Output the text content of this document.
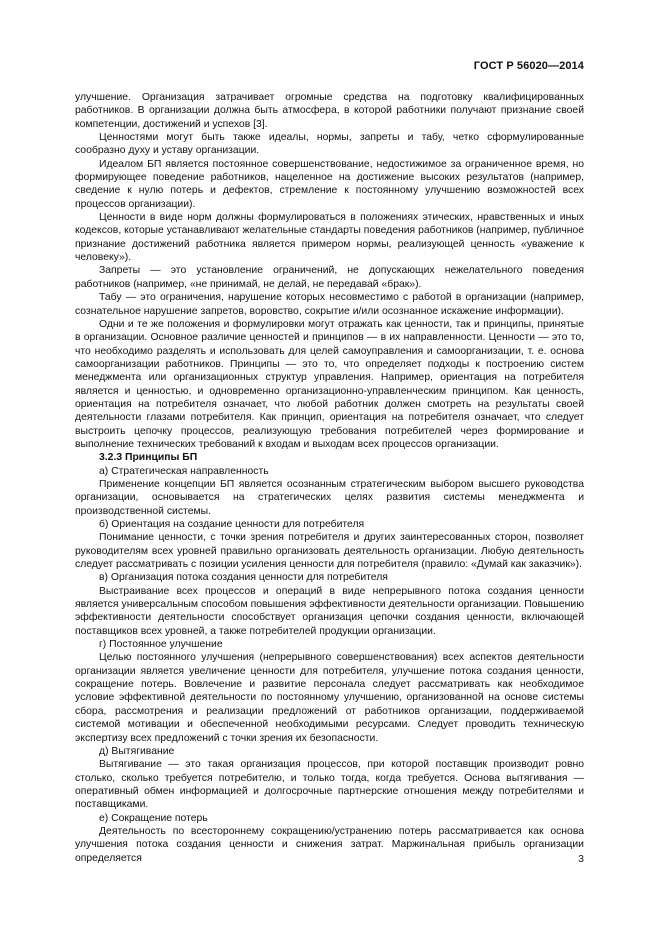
ГОСТ Р 56020—2014

улучшение. Организация затрачивает огромные средства на подготовку квалифицированных работников. В организации должна быть атмосфера, в которой работники получают признание своей компетенции, достижений и успехов [3].

Ценностями могут быть также идеалы, нормы, запреты и табу, четко сформулированные сообразно духу и уставу организации.

Идеалом БП является постоянное совершенствование, недостижимое за ограниченное время, но формирующее поведение работников, нацеленное на достижение высоких результатов (например, сведение к нулю потерь и дефектов, стремление к постоянному улучшению возможностей всех процессов организации).

Ценности в виде норм должны формулироваться в положениях этических, нравственных и иных кодексов, которые устанавливают желательные стандарты поведения работников (например, публичное признание достижений работника является примером нормы, реализующей ценность «уважение к человеку»).

Запреты — это установление ограничений, не допускающих нежелательного поведения работников (например, «не принимай, не делай, не передавай «брак»).

Табу — это ограничения, нарушение которых несовместимо с работой в организации (например, сознательное нарушение запретов, воровство, сокрытие и/или осознанное искажение информации).

Одни и те же положения и формулировки могут отражать как ценности, так и принципы, принятые в организации. Основное различие ценностей и принципов — в их направленности. Ценности — это то, что необходимо разделять и использовать для целей самоуправления и самоорганизации, т. е. основа самоорганизации работников. Принципы — это то, что определяет подходы к построению систем менеджмента или организационных структур управления. Например, ориентация на потребителя является и ценностью, и одновременно организационно-управленческим принципом. Как ценность, ориентация на потребителя означает, что любой работник должен смотреть на результаты своей деятельности глазами потребителя. Как принцип, ориентация на потребителя означает, что следует выстроить цепочку процессов, реализующую требования потребителей через формирование и выполнение технических требований к входам и выходам всех процессов организации.

3.2.3 Принципы БП

а) Стратегическая направленность

Применение концепции БП является осознанным стратегическим выбором высшего руководства организации, основывается на стратегических целях развития системы менеджмента и производственной системы.

б) Ориентация на создание ценности для потребителя

Понимание ценности, с точки зрения потребителя и других заинтересованных сторон, позволяет руководителям всех уровней правильно организовать деятельность организации. Любую деятельность следует рассматривать с позиции усиления ценности для потребителя (правило: «Думай как заказчик»).

в) Организация потока создания ценности для потребителя

Выстраивание всех процессов и операций в виде непрерывного потока создания ценности является универсальным способом повышения эффективности деятельности организации. Повышению эффективности деятельности способствует организация цепочки создания ценности, включающей поставщиков всех уровней, а также потребителей продукции организации.

г) Постоянное улучшение

Целью постоянного улучшения (непрерывного совершенствования) всех аспектов деятельности организации является увеличение ценности для потребителя, улучшение потока создания ценности, сокращение потерь. Вовлечение и развитие персонала следует рассматривать как необходимое условие эффективной деятельности по постоянному улучшению, организованной на основе системы сбора, рассмотрения и реализации предложений от работников организации, поддерживаемой системой мотивации и обеспеченной необходимыми ресурсами. Следует проводить техническую экспертизу всех предложений с точки зрения их безопасности.

д) Вытягивание

Вытягивание — это такая организация процессов, при которой поставщик производит ровно столько, сколько требуется потребителю, и только тогда, когда требуется. Основа вытягивания — оперативный обмен информацией и долгосрочные партнерские отношения между потребителями и поставщиками.

е) Сокращение потерь

Деятельность по всестороннему сокращению/устранению потерь рассматривается как основа улучшения потока создания ценности и снижения затрат. Маржинальная прибыль организации определяется	3
